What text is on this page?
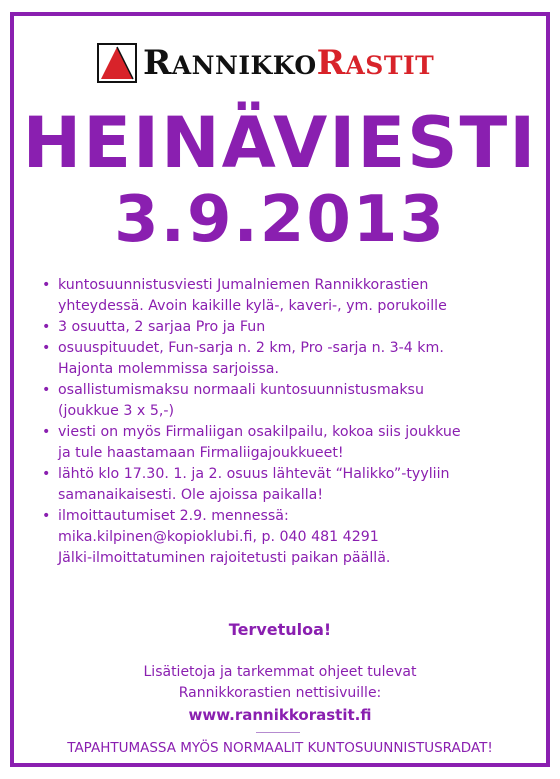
R ANNIKKO R ASTIT
HEINÄVIESTI
3.9.2013
• kuntosuunnistusviesti Jumalniemen Rannikkorastien
yhteydessä. Avoin kaikille kylä-, kaveri-, ym. porukoille
• 3 osuutta, 2 sarjaa Pro ja Fun
• osuuspituudet, Fun-sarja n. 2 km, Pro -sarja n. 3-4 km.
Hajonta molemmissa sarjoissa.
• osallistumismaksu normaali kuntosuunnistusmaksu
(joukkue 3 x 5,-)
• viesti on myös Firmaliigan osakilpailu, kokoa siis joukkue
ja tule haastamaan Firmaliigajoukkueet!
• lähtö klo 17.30. 1. ja 2. osuus lähtevät “Halikko”-tyyliin
samanaikaisesti. Ole ajoissa paikalla!
• ilmoittautumiset 2.9. mennessä:
mika.kilpinen@kopioklubi.fi, p. 040 481 4291
Jälki-ilmoittatuminen rajoitetusti paikan päällä.
Tervetuloa!
Lisätietoja ja tarkemmat ohjeet tulevat
Rannikkorastien nettisivuille:
www.rannikkorastit.fi
TAPAHTUMASSA MYÖS NORMAALIT KUNTOSUUNNISTUSRADAT!
